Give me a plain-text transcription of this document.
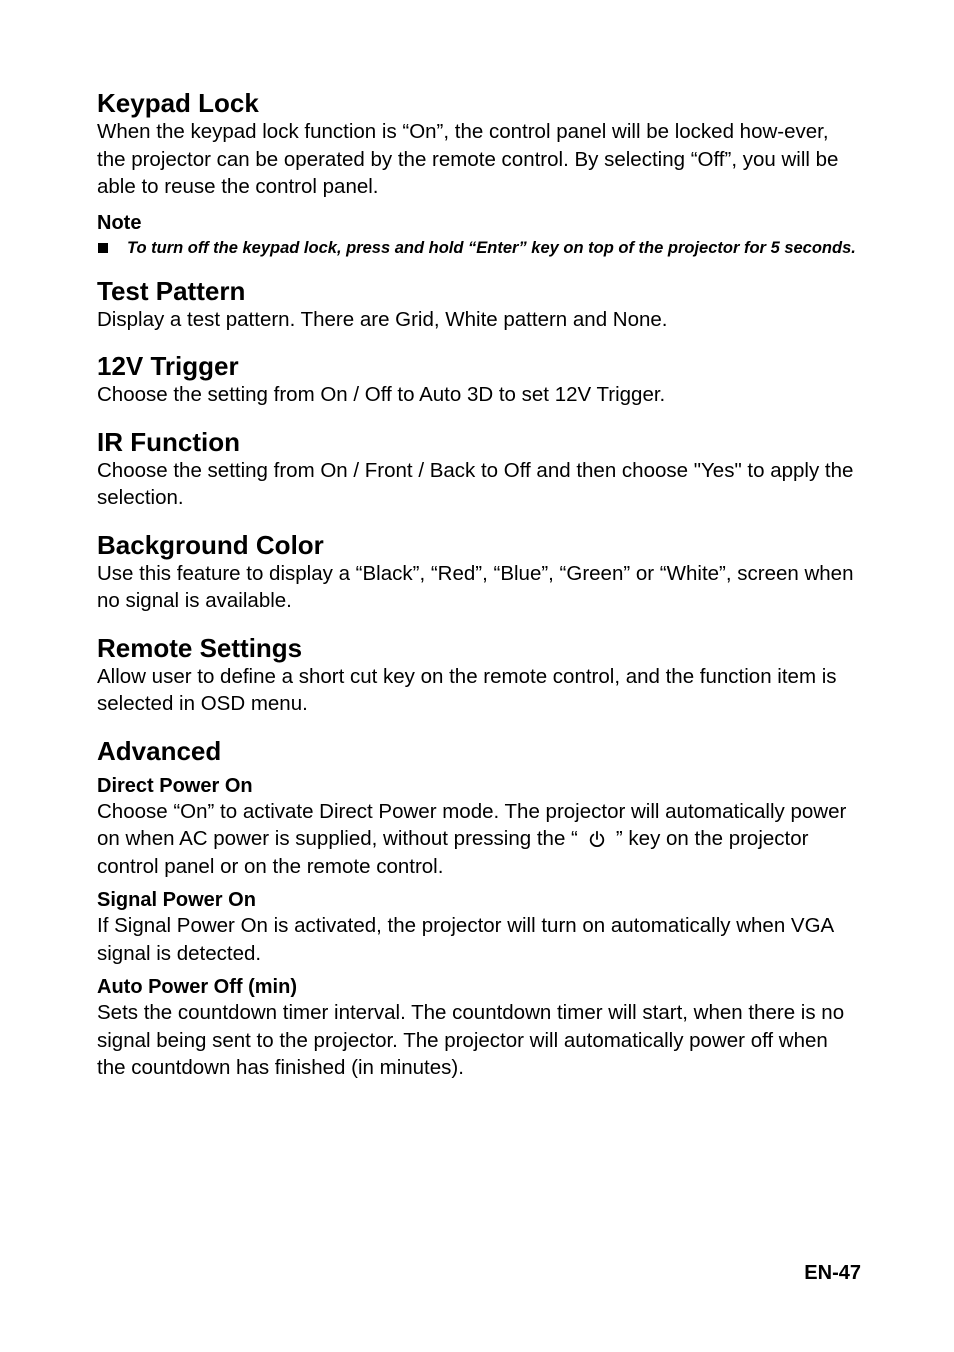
Keypad Lock

When the keypad lock function is “On”, the control panel will be locked how-ever, the projector can be operated by the remote control. By selecting “Off”, you will be able to reuse the control panel.

Note
To turn off the keypad lock, press and hold “Enter” key on top of the projector for 5 seconds.
Test Pattern

Display a test pattern. There are Grid, White pattern and None.

12V Trigger

Choose the setting from On / Off to Auto 3D to set 12V Trigger.

IR Function

Choose the setting from On / Front / Back to Off and then choose "Yes" to apply the selection.

Background Color

Use this feature to display a “Black”, “Red”, “Blue”, “Green” or “White”, screen when no signal is available.

Remote Settings

Allow user to define a short cut key on the remote control, and the function item is selected in OSD menu.

Advanced
Direct Power On

Choose “On” to activate Direct Power mode. The projector will automatically power on when AC power is supplied, without pressing the “ ” key on the projector control panel or on the remote control.

Signal Power On

If Signal Power On is activated, the projector will turn on automatically when VGA signal is detected.

Auto Power Off (min)

Sets the countdown timer interval. The countdown timer will start, when there is no signal being sent to the projector. The projector will automatically power off when the countdown has finished (in minutes).

EN-47
